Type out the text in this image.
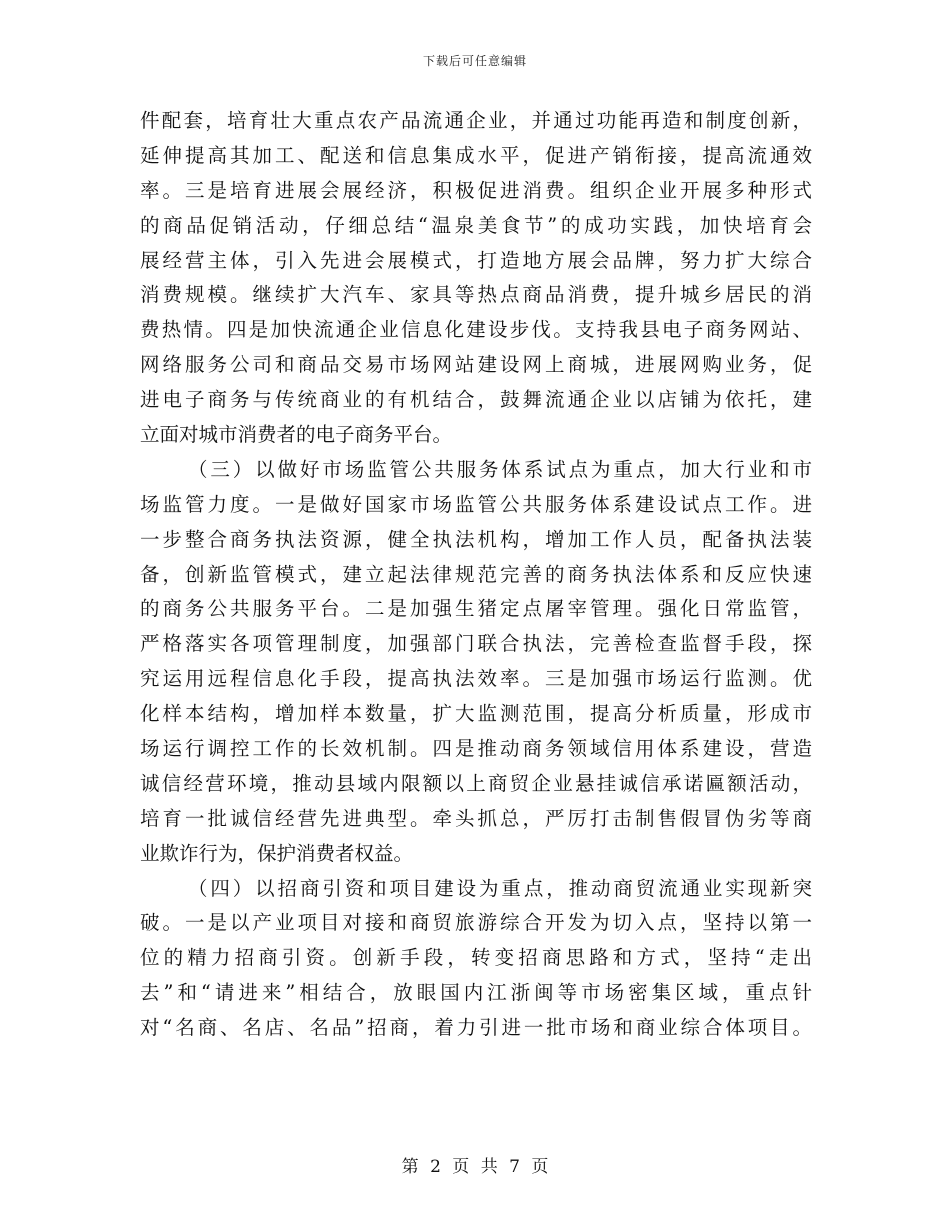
下载后可任意编辑
件配套，培育壮大重点农产品流通企业，并通过功能再造和制度创新，
延伸提高其加工、配送和信息集成水平，促进产销衔接，提高流通效
率。三是培育进展会展经济，积极促进消费。组织企业开展多种形式
的商品促销活动，仔细总结“温泉美食节”的成功实践，加快培育会
展经营主体，引入先进会展模式，打造地方展会品牌，努力扩大综合
消费规模。继续扩大汽车、家具等热点商品消费，提升城乡居民的消
费热情。四是加快流通企业信息化建设步伐。支持我县电子商务网站、
网络服务公司和商品交易市场网站建设网上商城，进展网购业务，促
进电子商务与传统商业的有机结合，鼓舞流通企业以店铺为依托，建
立面对城市消费者的电子商务平台。
（三）以做好市场监管公共服务体系试点为重点，加大行业和市
场监管力度。一是做好国家市场监管公共服务体系建设试点工作。进
一步整合商务执法资源，健全执法机构，增加工作人员，配备执法装
备，创新监管模式，建立起法律规范完善的商务执法体系和反应快速
的商务公共服务平台。二是加强生猪定点屠宰管理。强化日常监管，
严格落实各项管理制度，加强部门联合执法，完善检查监督手段，探
究运用远程信息化手段，提高执法效率。三是加强市场运行监测。优
化样本结构，增加样本数量，扩大监测范围，提高分析质量，形成市
场运行调控工作的长效机制。四是推动商务领域信用体系建设，营造
诚信经营环境，推动县域内限额以上商贸企业悬挂诚信承诺匾额活动，
培育一批诚信经营先进典型。牵头抓总，严厉打击制售假冒伪劣等商
业欺诈行为，保护消费者权益。
（四）以招商引资和项目建设为重点，推动商贸流通业实现新突
破。一是以产业项目对接和商贸旅游综合开发为切入点，坚持以第一
位的精力招商引资。创新手段，转变招商思路和方式，坚持“走出
去”和“请进来”相结合，放眼国内江浙闽等市场密集区域，重点针
对“名商、名店、名品”招商，着力引进一批市场和商业综合体项目。
第 2 页 共 7 页
